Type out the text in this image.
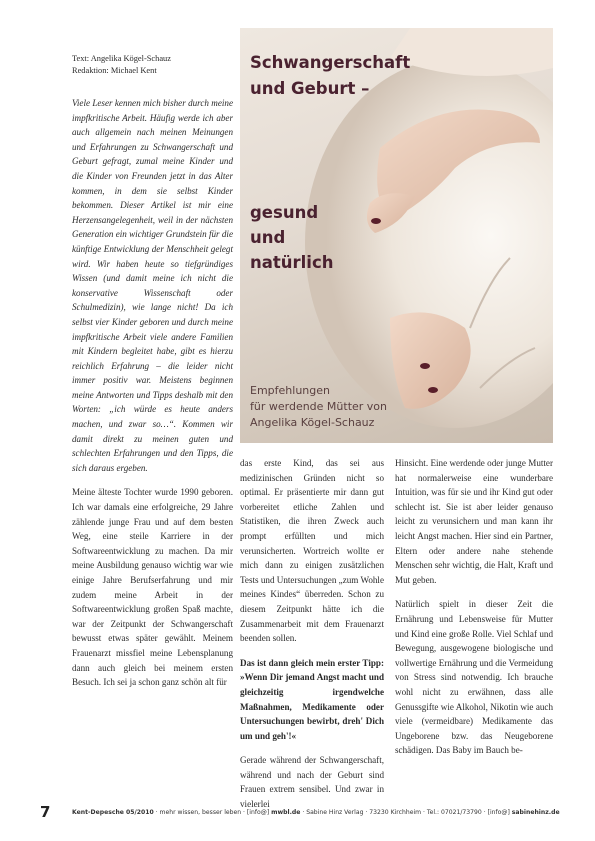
Text: Angelika Kögel-Schauz
Redaktion: Michael Kent

Viele Leser kennen mich bisher durch meine impfkritische Arbeit. Häufig werde ich aber auch allgemein nach meinen Meinungen und Erfahrungen zu Schwangerschaft und Geburt gefragt, zumal meine Kinder und die Kinder von Freunden jetzt in das Alter kommen, in dem sie selbst Kinder bekommen. Dieser Artikel ist mir eine Herzensangelegenheit, weil in der nächsten Generation ein wichtiger Grundstein für die künftige Entwicklung der Menschheit gelegt wird. Wir haben heute so tiefgründiges Wissen (und damit meine ich nicht die konservative Wissenschaft oder Schulmedizin), wie lange nicht! Da ich selbst vier Kinder geboren und durch meine impfkritische Arbeit viele andere Familien mit Kindern begleitet habe, gibt es hierzu reichlich Erfahrung – die leider nicht immer positiv war. Meistens beginnen meine Antworten und Tipps deshalb mit den Worten: „ich würde es heute anders machen, und zwar so…“. Kommen wir damit direkt zu meinen guten und schlechten Erfahrungen und den Tipps, die sich daraus ergeben.

Meine älteste Tochter wurde 1990 geboren. Ich war damals eine erfolgreiche, 29 Jahre zählende junge Frau und auf dem besten Weg, eine steile Karriere in der Softwareentwicklung zu machen. Da mir meine Ausbildung genauso wichtig war wie einige Jahre Berufserfahrung und mir zudem meine Arbeit in der Softwareentwicklung großen Spaß machte, war der Zeitpunkt der Schwangerschaft bewusst etwas später gewählt. Meinem Frauenarzt missfiel meine Lebensplanung dann auch gleich bei meinem ersten Besuch. Ich sei ja schon ganz schön alt für

Schwangerschaft
und Geburt –
gesund
und
natürlich
Empfehlungen
für werdende Mütter von
Angelika Kögel-Schauz

das erste Kind, das sei aus medizinischen Gründen nicht so optimal. Er präsentierte mir dann gut vorbereitet etliche Zahlen und Statistiken, die ihren Zweck auch prompt erfüllten und mich verunsicherten. Wortreich wollte er mich dann zu einigen zusätzlichen Tests und Untersuchungen „zum Wohle meines Kindes“ überreden. Schon zu diesem Zeitpunkt hätte ich die Zusammenarbeit mit dem Frauenarzt beenden sollen.

Das ist dann gleich mein erster Tipp: »Wenn Dir jemand Angst macht und gleichzeitig irgendwelche Maßnahmen, Medikamente oder Untersuchungen bewirbt, dreh' Dich um und geh'!«

Gerade während der Schwangerschaft, während und nach der Geburt sind Frauen extrem sensibel. Und zwar in vielerlei

Hinsicht. Eine werdende oder junge Mutter hat normalerweise eine wunderbare Intuition, was für sie und ihr Kind gut oder schlecht ist. Sie ist aber leider genauso leicht zu verunsichern und man kann ihr leicht Angst machen. Hier sind ein Partner, Eltern oder andere nahe stehende Menschen sehr wichtig, die Halt, Kraft und Mut geben.

Natürlich spielt in dieser Zeit die Ernährung und Lebensweise für Mutter und Kind eine große Rolle. Viel Schlaf und Bewegung, ausgewogene biologische und vollwertige Ernährung und die Vermeidung von Stress sind notwendig. Ich brauche wohl nicht zu erwähnen, dass alle Genussgifte wie Alkohol, Nikotin wie auch viele (vermeidbare) Medikamente das Ungeborene bzw. das Neugeborene schädigen. Das Baby im Bauch be-

7	Kent-Depesche 05/2010 · mehr wissen, besser leben · [info@] mwbl.de · Sabine Hinz Verlag · 73230 Kirchheim · Tel.: 07021/73790 · [info@] sabinehinz.de
